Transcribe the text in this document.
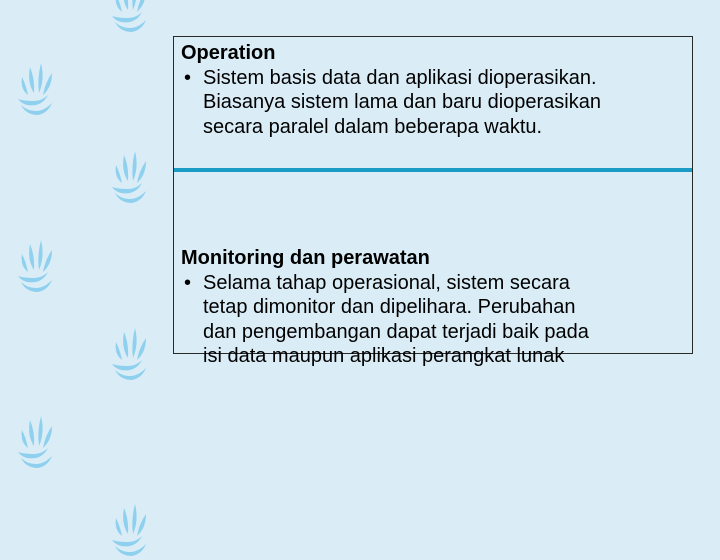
Operation
• Sistem basis data dan aplikasi dioperasikan.
Biasanya sistem lama dan baru dioperasikan
secara paralel dalam beberapa waktu.
Monitoring dan perawatan
• Selama tahap operasional, sistem secara
tetap dimonitor dan dipelihara. Perubahan
dan pengembangan dapat terjadi baik pada
isi data maupun aplikasi perangkat lunak
